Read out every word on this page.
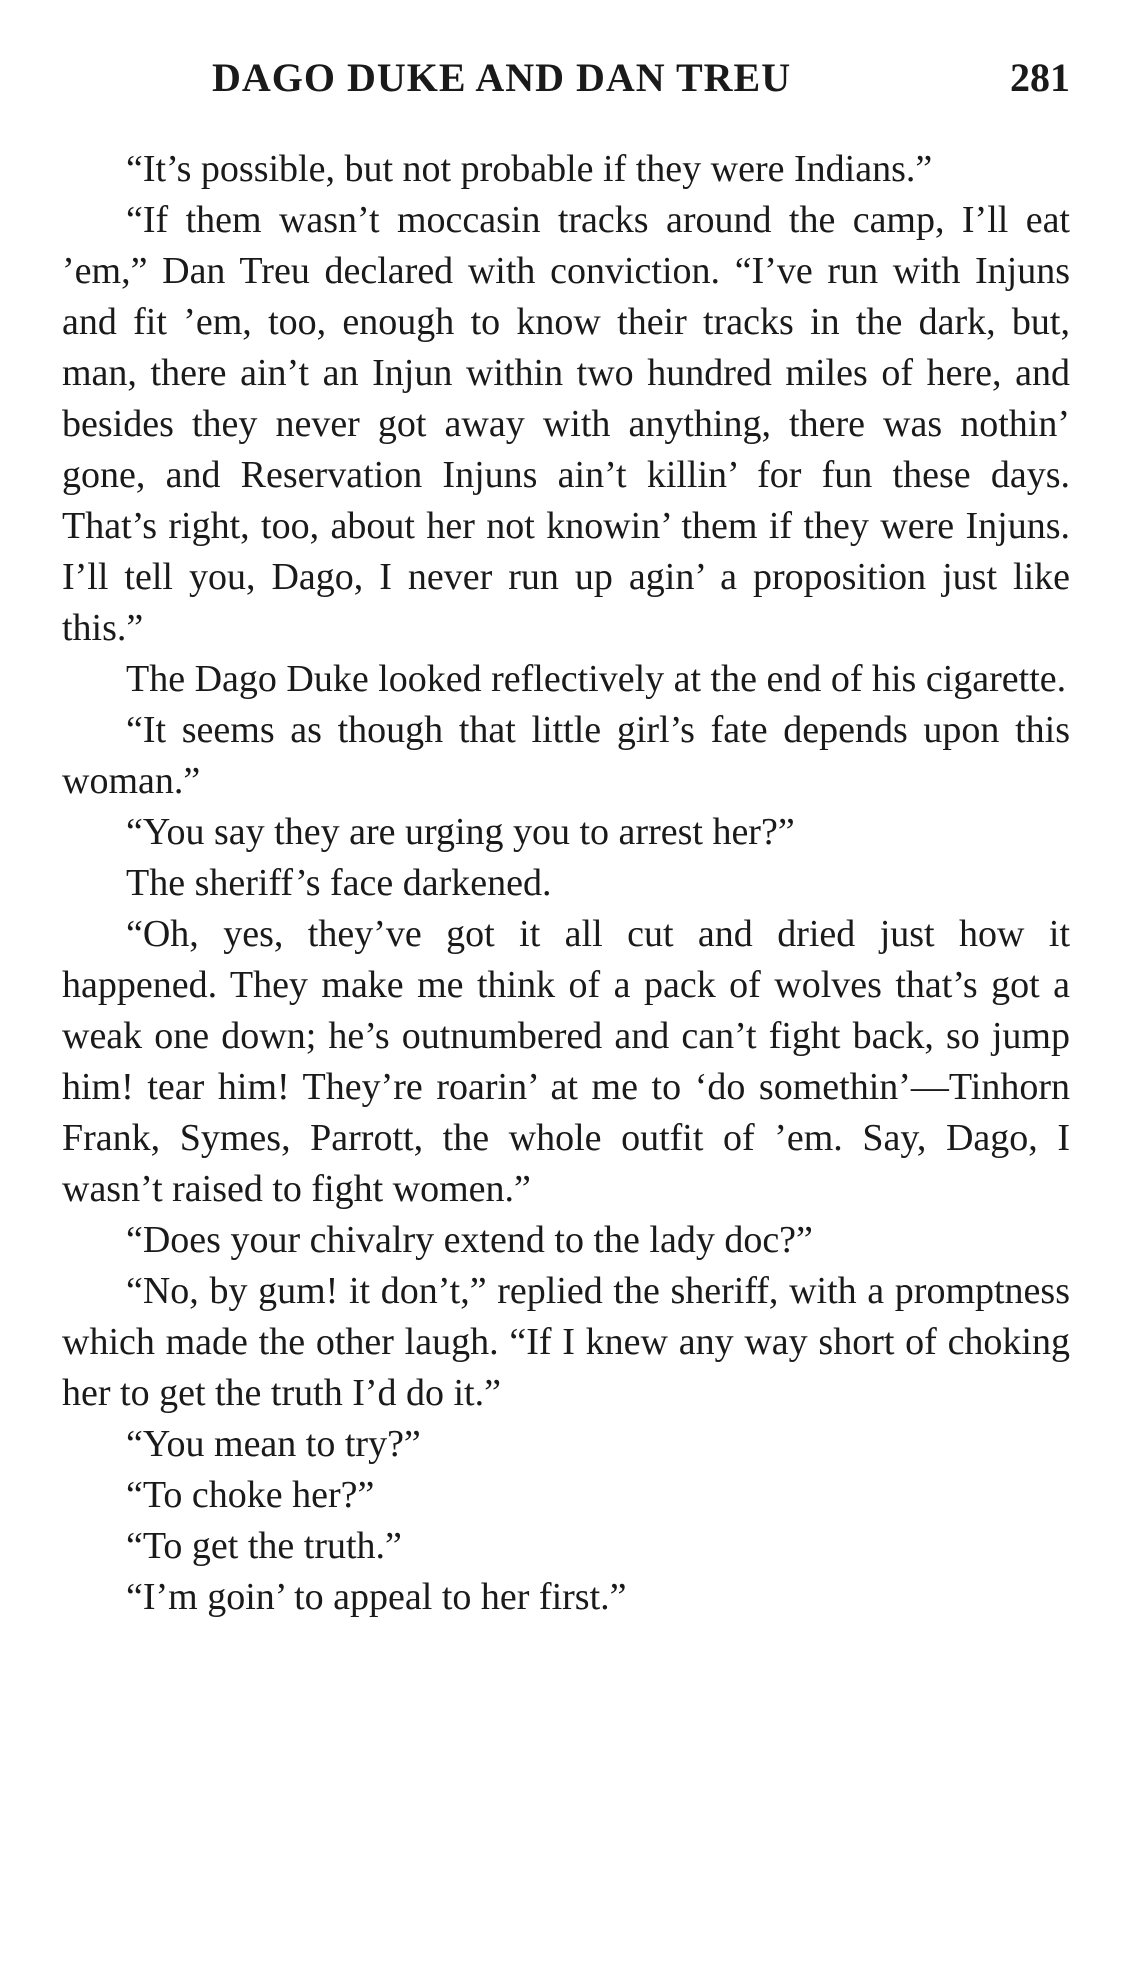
DAGO DUKE AND DAN TREU	281

“It’s possible, but not probable if they were Indians.”

“If them wasn’t moccasin tracks around the camp, I’ll eat ’em,” Dan Treu declared with conviction. “I’ve run with Injuns and fit ’em, too, enough to know their tracks in the dark, but, man, there ain’t an Injun within two hundred miles of here, and besides they never got away with anything, there was nothin’ gone, and Reservation Injuns ain’t killin’ for fun these days. That’s right, too, about her not knowin’ them if they were Injuns. I’ll tell you, Dago, I never run up agin’ a proposition just like this.”

The Dago Duke looked reflectively at the end of his cigarette.

“It seems as though that little girl’s fate depends upon this woman.”

“You say they are urging you to arrest her?”

The sheriff’s face darkened.

“Oh, yes, they’ve got it all cut and dried just how it happened. They make me think of a pack of wolves that’s got a weak one down; he’s outnumbered and can’t fight back, so jump him! tear him! They’re roarin’ at me to ‘do somethin’—Tinhorn Frank, Symes, Parrott, the whole outfit of ’em. Say, Dago, I wasn’t raised to fight women.”

“Does your chivalry extend to the lady doc?”

“No, by gum! it don’t,” replied the sheriff, with a promptness which made the other laugh. “If I knew any way short of choking her to get the truth I’d do it.”

“You mean to try?”

“To choke her?”

“To get the truth.”

“I’m goin’ to appeal to her first.”
